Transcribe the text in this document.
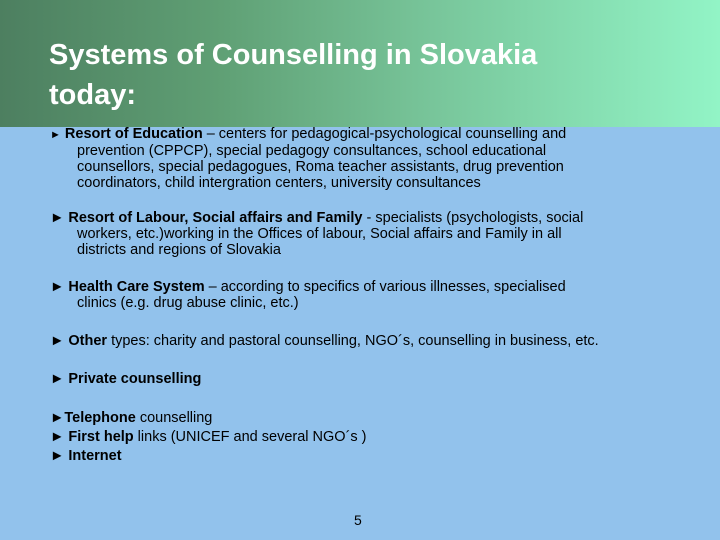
Systems of Counselling in Slovakia
today:
► Resort of Education – centers for pedagogical-psychological counselling and
prevention (CPPCP), special pedagogy consultances, school educational
counsellors, special pedagogues, Roma teacher assistants, drug prevention
coordinators, child intergration centers, university consultances
► Resort of Labour, Social affairs and Family - specialists (psychologists, social
workers, etc.)working in the Offices of labour, Social affairs and Family in all
districts and regions of Slovakia
► Health Care System – according to specifics of various illnesses, specialised
clinics (e.g. drug abuse clinic, etc.)
► Other types: charity and pastoral counselling, NGO´s, counselling in business, etc.
► Private counselling
►Telephone counselling
► First help links (UNICEF and several NGO´s )
► Internet
5
